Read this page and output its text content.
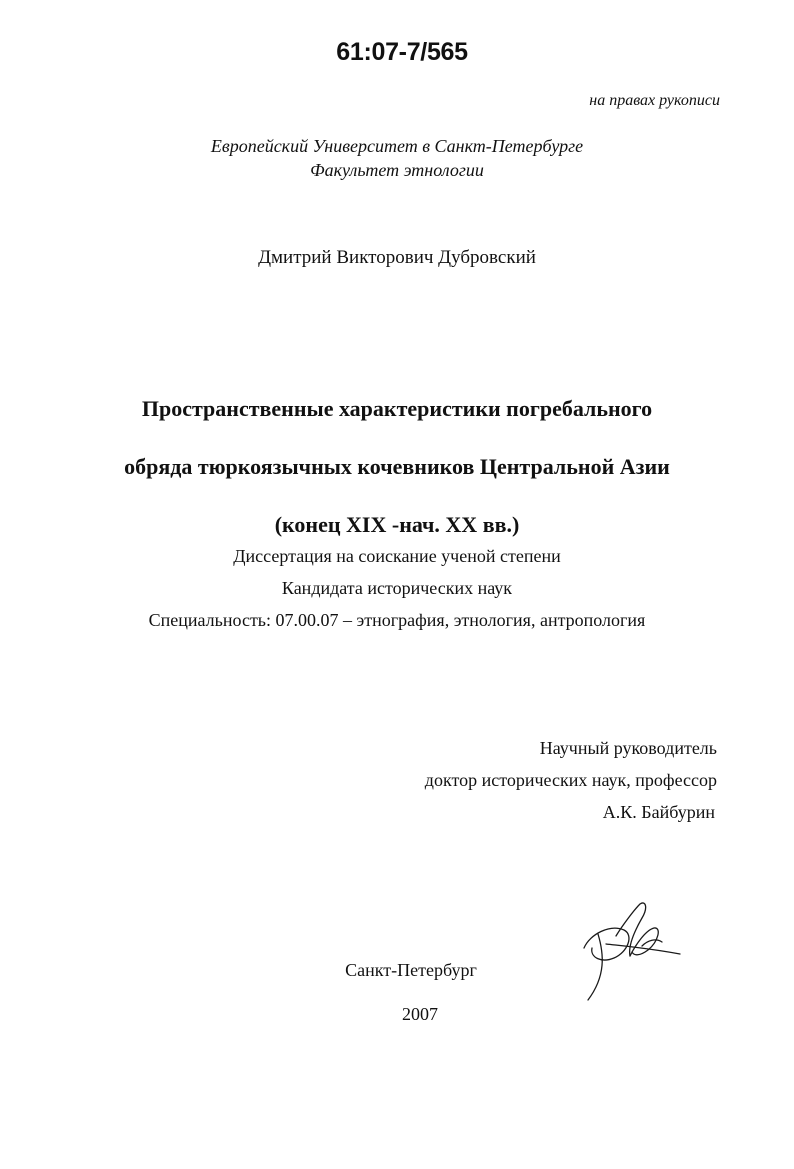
61:07-7/565
на правах рукописи
Европейский Университет в Санкт-Петербурге
Факультет этнологии
Дмитрий Викторович Дубровский
Пространственные характеристики погребального
обряда тюркоязычных кочевников Центральной Азии
(конец XIX -нач. XX вв.)
Диссертация на соискание ученой степени
Кандидата исторических наук
Специальность: 07.00.07 – этнография, этнология, антропология
Научный руководитель
доктор исторических наук, профессор
А.К. Байбурин
Санкт-Петербург
2007
